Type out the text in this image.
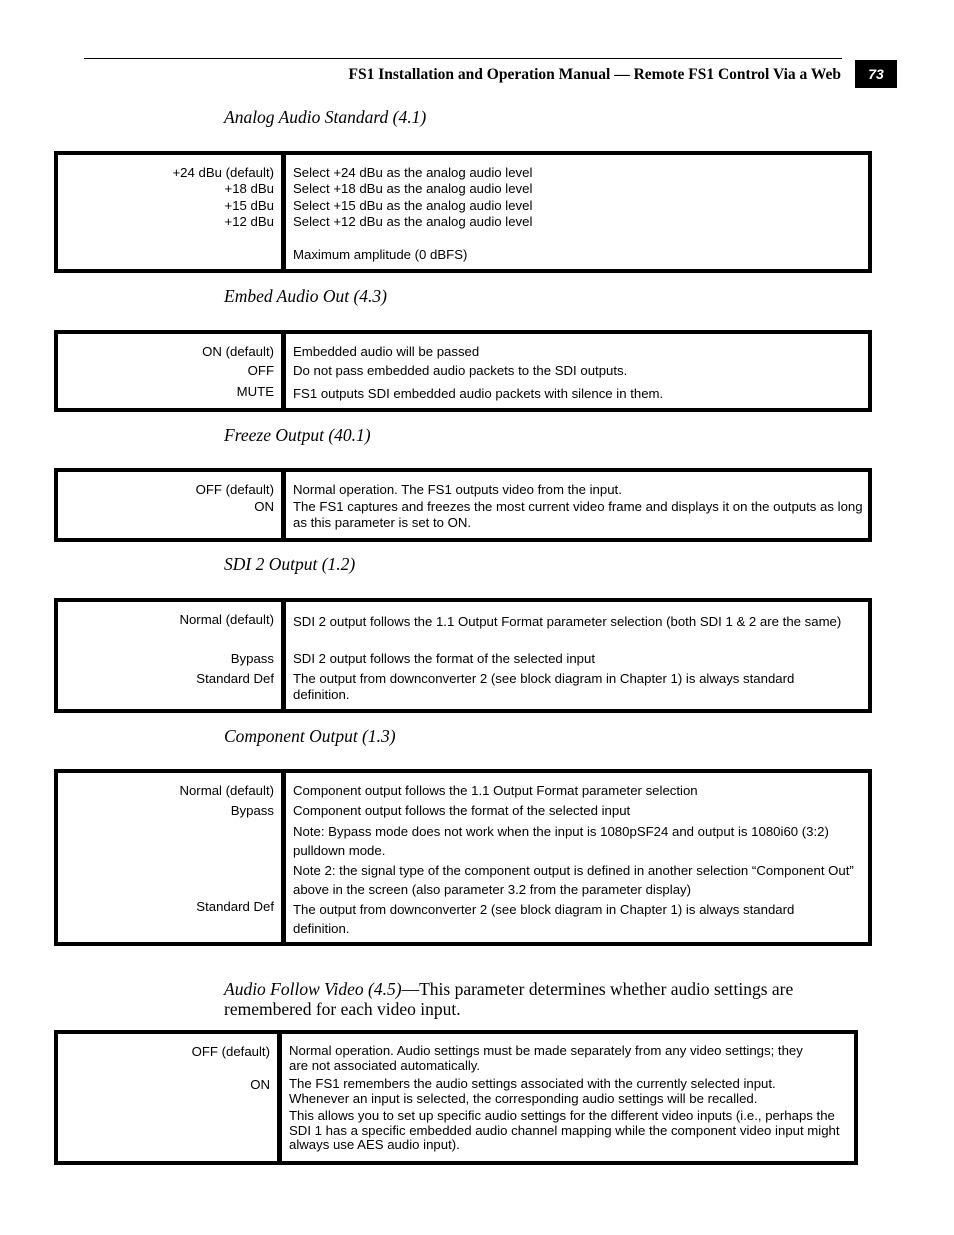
FS1 Installation and Operation Manual — Remote FS1 Control Via a Web	73
Analog Audio Standard (4.1)
+24 dBu (default)
+18 dBu
+15 dBu
+12 dBu
Select +24 dBu as the analog audio level
Select +18 dBu as the analog audio level
Select +15 dBu as the analog audio level
Select +12 dBu as the analog audio level
Maximum amplitude (0 dBFS)
Embed Audio Out (4.3)
ON (default)
OFF
MUTE
Embedded audio will be passed
Do not pass embedded audio packets to the SDI outputs.
FS1 outputs SDI embedded audio packets with silence in them.
Freeze Output (40.1)
OFF (default)
ON
Normal operation. The FS1 outputs video from the input.
The FS1 captures and freezes the most current video frame and displays it on the outputs as long as this parameter is set to ON.
SDI 2 Output (1.2)
Normal (default)
Bypass
Standard Def
SDI 2 output follows the 1.1 Output Format parameter selection (both SDI 1 & 2 are the same)
SDI 2 output follows the format of the selected input
The output from downconverter 2 (see block diagram in Chapter 1) is always standard definition.
Component Output (1.3)
Normal (default)
Bypass
Standard Def
Component output follows the 1.1 Output Format parameter selection
Component output follows the format of the selected input
Note: Bypass mode does not work when the input is 1080pSF24 and output is 1080i60 (3:2) pulldown mode.
Note 2: the signal type of the component output is defined in another selection “Component Out” above in the screen (also parameter 3.2 from the parameter display)
The output from downconverter 2 (see block diagram in Chapter 1) is always standard definition.
Audio Follow Video (4.5)—This parameter determines whether audio settings are remembered for each video input.
OFF (default)
ON
Normal operation. Audio settings must be made separately from any video settings; they are not associated automatically.
The FS1 remembers the audio settings associated with the currently selected input. Whenever an input is selected, the corresponding audio settings will be recalled.
This allows you to set up specific audio settings for the different video inputs (i.e., perhaps the SDI 1 has a specific embedded audio channel mapping while the component video input might always use AES audio input).
